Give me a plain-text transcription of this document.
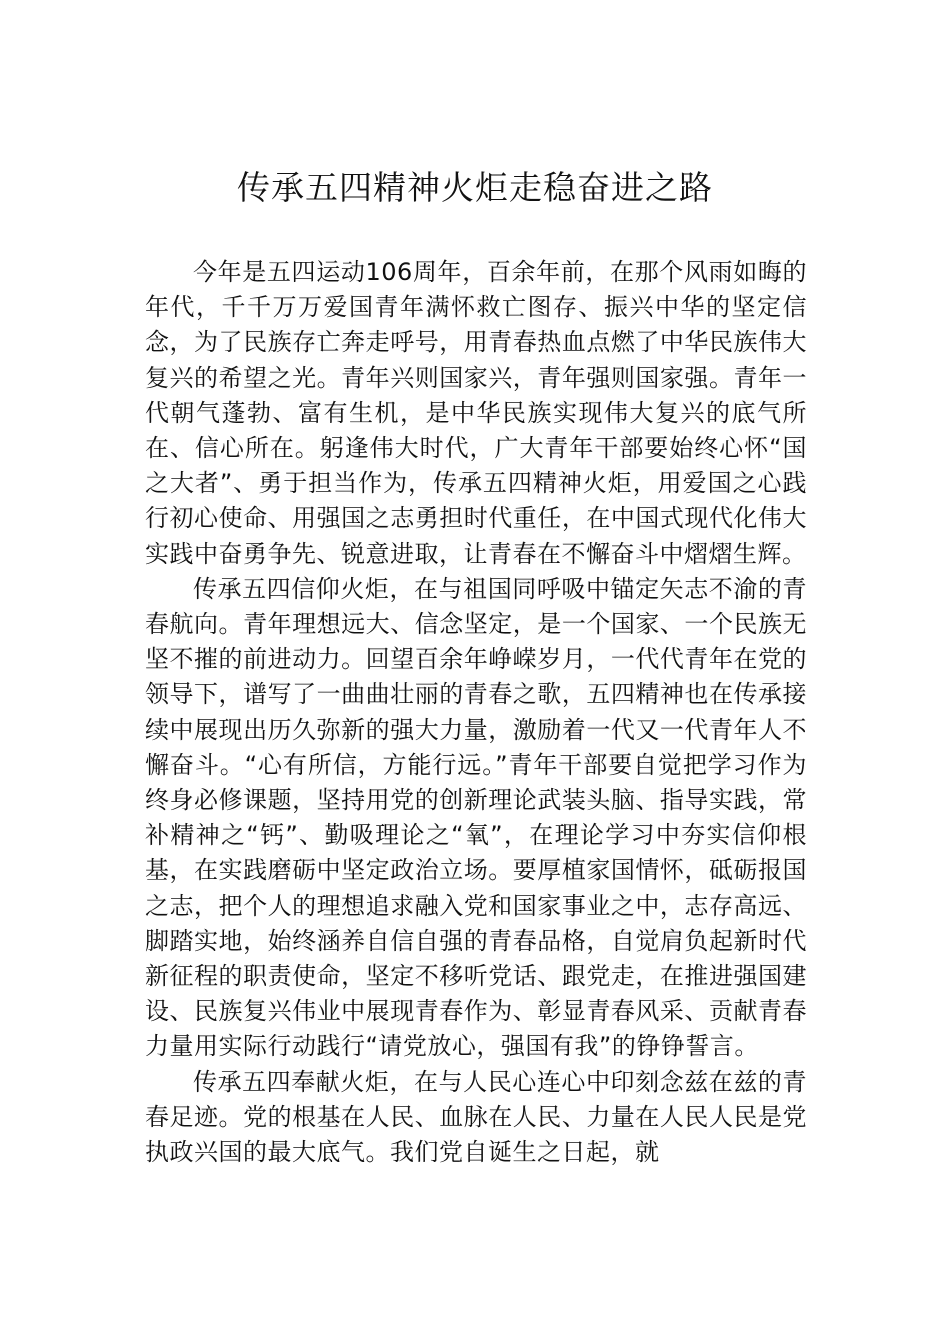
传承五四精神火炬走稳奋进之路

今年是五四运动106周年，百余年前，在那个风雨如晦的年代，千千万万爱国青年满怀救亡图存、振兴中华的坚定信念，为了民族存亡奔走呼号，用青春热血点燃了中华民族伟大复兴的希望之光。青年兴则国家兴，青年强则国家强。青年一代朝气蓬勃、富有生机，是中华民族实现伟大复兴的底气所在、信心所在。躬逢伟大时代，广大青年干部要始终心怀“国之大者”、勇于担当作为，传承五四精神火炬，用爱国之心践行初心使命、用强国之志勇担时代重任，在中国式现代化伟大实践中奋勇争先、锐意进取，让青春在不懈奋斗中熠熠生辉。

传承五四信仰火炬，在与祖国同呼吸中锚定矢志不渝的青春航向。青年理想远大、信念坚定，是一个国家、一个民族无坚不摧的前进动力。回望百余年峥嵘岁月，一代代青年在党的领导下，谱写了一曲曲壮丽的青春之歌，五四精神也在传承接续中展现出历久弥新的强大力量，激励着一代又一代青年人不懈奋斗。“心有所信，方能行远。”青年干部要自觉把学习作为终身必修课题，坚持用党的创新理论武装头脑、指导实践，常补精神之“钙”、勤吸理论之“氧”，在理论学习中夯实信仰根基，在实践磨砺中坚定政治立场。要厚植家国情怀，砥砺报国之志，把个人的理想追求融入党和国家事业之中，志存高远、脚踏实地，始终涵养自信自强的青春品格，自觉肩负起新时代新征程的职责使命，坚定不移听党话、跟党走，在推进强国建设、民族复兴伟业中展现青春作为、彰显青春风采、贡献青春力量用实际行动践行“请党放心，强国有我”的铮铮誓言。

传承五四奉献火炬，在与人民心连心中印刻念兹在兹的青春足迹。党的根基在人民、血脉在人民、力量在人民人民是党执政兴国的最大底气。我们党自诞生之日起，就
